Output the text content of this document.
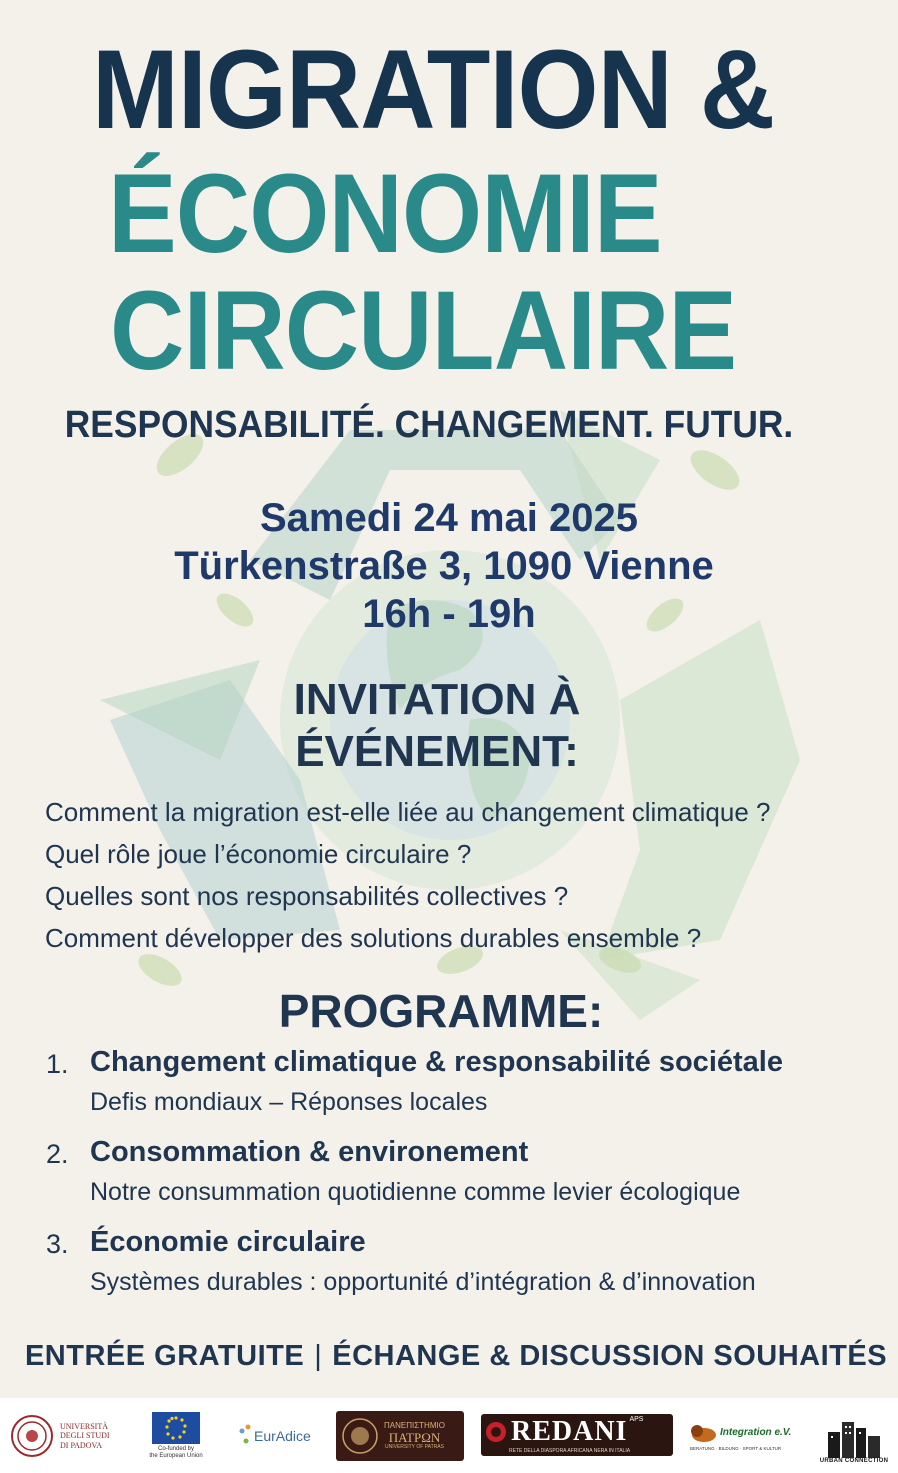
MIGRATION &
ÉCONOMIE
CIRCULAIRE
RESPONSABILITÉ. CHANGEMENT. FUTUR.
Samedi 24 mai 2025
Türkenstraße 3, 1090 Vienne
16h - 19h
INVITATION À
ÉVÉNEMENT:
Comment la migration est-elle liée au changement climatique ?
Quel rôle joue l’économie circulaire ?
Quelles sont nos responsabilités collectives ?
Comment développer des solutions durables ensemble ?
PROGRAMME:
1. Changement climatique & responsabilité sociétale
Defis mondiaux – Réponses locales
2. Consommation & environement
Notre consummation quotidienne comme levier écologique
3. Économie circulaire
Systèmes durables : opportunité d’intégration & d’innovation
ENTRÉE GRATUITE | ÉCHANGE & DISCUSSION SOUHAITÉS
UNIVERSITÀ
DEGLI STUDI
DI PADOVA	Co-funded by
the European Union
EurAdice
ΠΑΝΕΠΙΣΤΗΜΙΟ
ΠΑΤΡΩΝ
UNIVERSITY OF PATRAS REDANI APS
RETE DELLA DIASPORA AFRICANA NERA IN ITALIA
Integration e.V.
BERATUNG · BILDUNG · SPORT & KULTUR
URBAN CONNECTION
